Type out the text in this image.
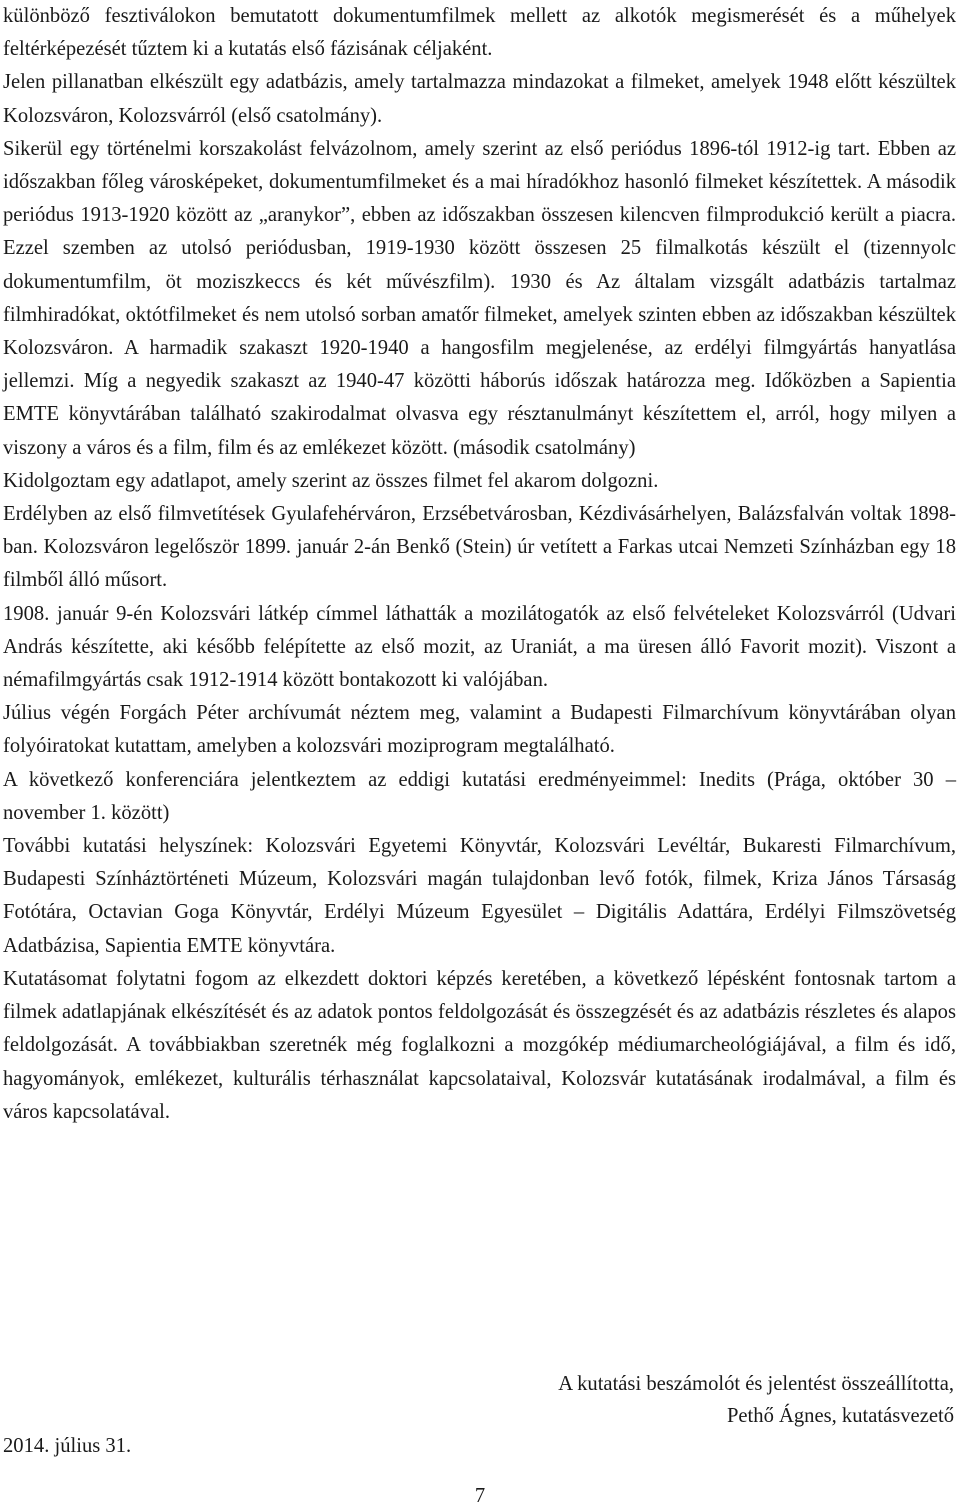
különböző fesztiválokon bemutatott dokumentumfilmek mellett az alkotók megismerését és a műhelyek feltérképezését tűztem ki a kutatás első fázisának céljaként.

Jelen pillanatban elkészült egy adatbázis, amely tartalmazza mindazokat a filmeket, amelyek 1948 előtt készültek Kolozsváron, Kolozsvárról (első csatolmány).

Sikerül egy történelmi korszakolást felvázolnom, amely szerint az első periódus 1896-tól 1912-ig tart. Ebben az időszakban főleg városképeket, dokumentumfilmeket és a mai híradókhoz hasonló filmeket készítettek. A második periódus 1913-1920 között az „aranykor”, ebben az időszakban összesen kilencven filmprodukció került a piacra. Ezzel szemben az utolsó periódusban, 1919-1930 között összesen 25 filmalkotás készült el (tizennyolc dokumentumfilm, öt moziszkeccs és két művészfilm). 1930 és Az általam vizsgált adatbázis tartalmaz filmhiradókat, októtfilmeket és nem utolsó sorban amatőr filmeket, amelyek szinten ebben az időszakban készültek Kolozsváron. A harmadik szakaszt 1920-1940 a hangosfilm megjelenése, az erdélyi filmgyártás hanyatlása jellemzi. Míg a negyedik szakaszt az 1940-47 közötti háborús időszak határozza meg. Időközben a Sapientia EMTE könyvtárában található szakirodalmat olvasva egy résztanulmányt készítettem el, arról, hogy milyen a viszony a város és a film, film és az emlékezet között. (második csatolmány)

Kidolgoztam egy adatlapot, amely szerint az összes filmet fel akarom dolgozni.

Erdélyben az első filmvetítések Gyulafehérváron, Erzsébetvárosban, Kézdivásárhelyen, Balázsfalván voltak 1898-ban. Kolozsváron legelőször 1899. január 2-án Benkő (Stein) úr vetített a Farkas utcai Nemzeti Színházban egy 18 filmből álló műsort.

1908. január 9-én Kolozsvári látkép címmel láthatták a mozilátogatók az első felvételeket Kolozsvárról (Udvari András készítette, aki később felépítette az első mozit, az Uraniát, a ma üresen álló Favorit mozit). Viszont a némafilmgyártás csak 1912-1914 között bontakozott ki valójában.

Július végén Forgách Péter archívumát néztem meg, valamint a Budapesti Filmarchívum könyvtárában olyan folyóiratokat kutattam, amelyben a kolozsvári moziprogram megtalálható.

A következő konferenciára jelentkeztem az eddigi kutatási eredményeimmel: Inedits (Prága, október 30 – november 1. között)

További kutatási helyszínek: Kolozsvári Egyetemi Könyvtár, Kolozsvári Levéltár, Bukaresti Filmarchívum, Budapesti Színháztörténeti Múzeum, Kolozsvári magán tulajdonban levő fotók, filmek, Kriza János Társaság Fotótára, Octavian Goga Könyvtár, Erdélyi Múzeum Egyesület – Digitális Adattára, Erdélyi Filmszövetség Adatbázisa, Sapientia EMTE könyvtára.

Kutatásomat folytatni fogom az elkezdett doktori képzés keretében, a következő lépésként fontosnak tartom a filmek adatlapjának elkészítését és az adatok pontos feldolgozását és összegzését és az adatbázis részletes és alapos feldolgozását. A továbbiakban szeretnék még foglalkozni a mozgókép médiumarcheológiájával, a film és idő, hagyományok, emlékezet, kulturális térhasználat kapcsolataival, Kolozsvár kutatásának irodalmával, a film és város kapcsolatával.

A kutatási beszámolót és jelentést összeállította,
Pethő Ágnes, kutatásvezető
2014. július 31.
7
